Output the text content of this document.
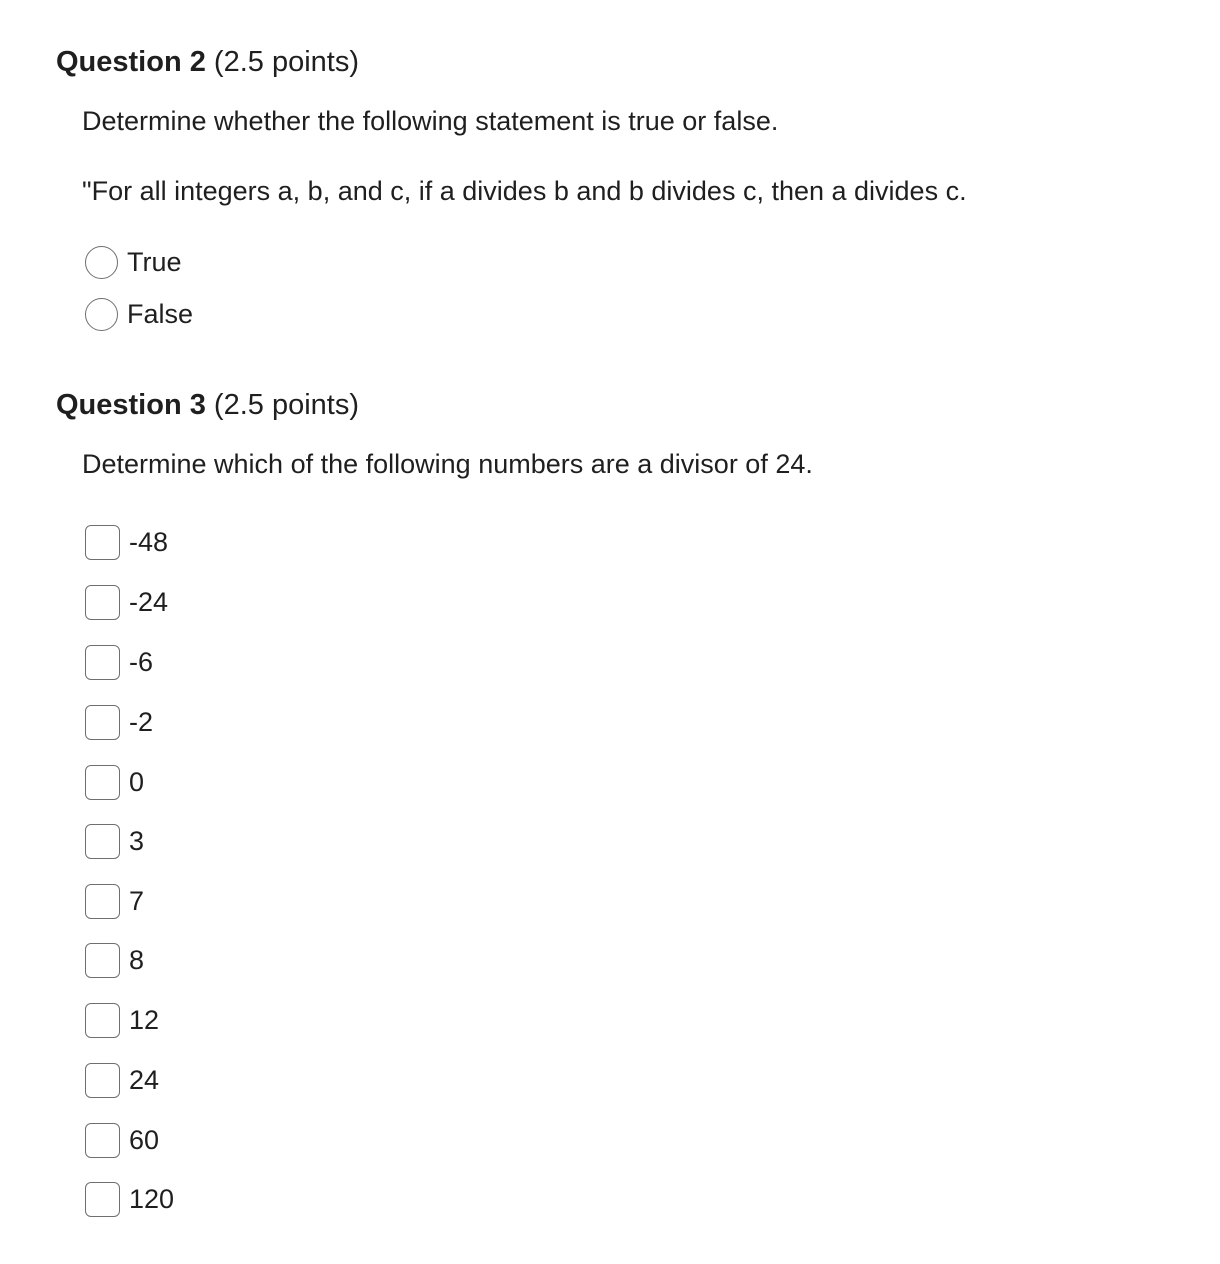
Question 2 (2.5 points)
Determine whether the following statement is true or false.
"For all integers a, b, and c, if a divides b and b divides c, then a divides c.
True
False
Question 3 (2.5 points)
Determine which of the following numbers are a divisor of 24.
-48
-24
-6
-2
0
3
7
8
12
24
60
120
